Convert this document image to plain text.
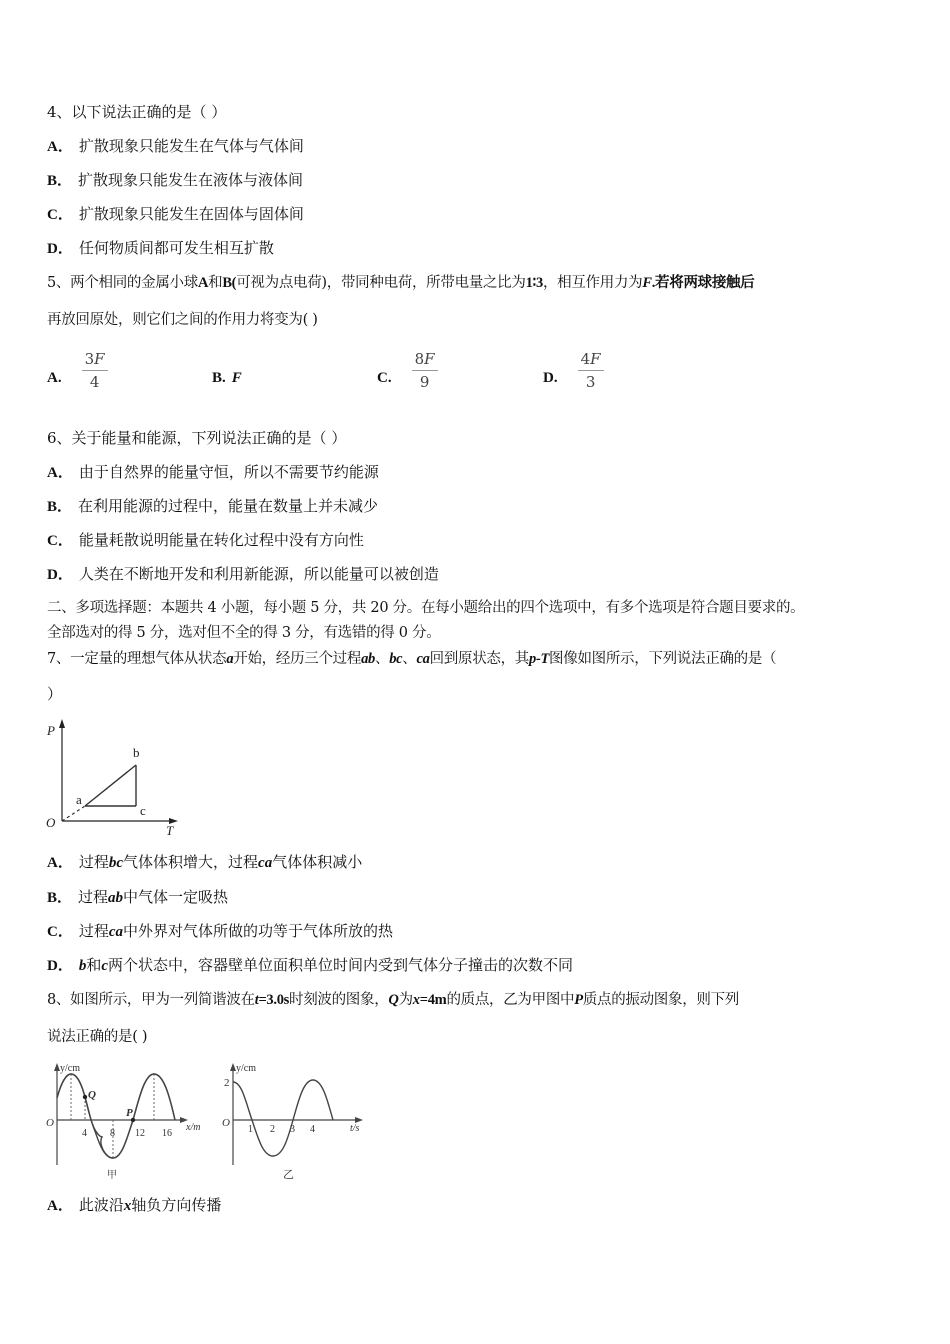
4、以下说法正确的是（ ）
A． 扩散现象只能发生在气体与气体间
B． 扩散现象只能发生在液体与液体间
C． 扩散现象只能发生在固体与固体间
D． 任何物质间都可发生相互扩散
5、两个相同的金属小球A和B(可视为点电荷)，带同种电荷，所带电量之比为1∶3，相互作用力为F.若将两球接触后
再放回原处，则它们之间的作用力将变为( )
A. $\frac{3F}{4}$	B. F	C. $\frac{8F}{9}$	D. $\frac{4F}{3}$
6、关于能量和能源，下列说法正确的是（ ）
A． 由于自然界的能量守恒，所以不需要节约能源
B． 在利用能源的过程中，能量在数量上并未减少
C． 能量耗散说明能量在转化过程中没有方向性
D． 人类在不断地开发和利用新能源，所以能量可以被创造
二、多项选择题：本题共 4 小题，每小题 5 分，共 20 分。在每小题给出的四个选项中，有多个选项是符合题目要求的。
全部选对的得 5 分，选对但不全的得 3 分，有选错的得 0 分。
7、一定量的理想气体从状态a开始，经历三个过程ab、bc、ca回到原状态，其p-T图像如图所示，下列说法正确的是（
）
P
T
O
a
b
c
A． 过程bc气体体积增大，过程ca气体体积减小
B． 过程ab中气体一定吸热
C． 过程ca中外界对气体所做的功等于气体所放的热
D． b和c两个状态中，容器壁单位面积单位时间内受到气体分子撞击的次数不同
8、如图所示，甲为一列简谐波在t=3.0s时刻波的图象，Q为x=4m的质点，乙为甲图中P质点的振动图象，则下列
说法正确的是( )
y/cm
x/m
O
4 8 12 16
Q
P
甲
y/cm
t/s
O
2
1 2 3 4
乙
A． 此波沿x轴负方向传播
